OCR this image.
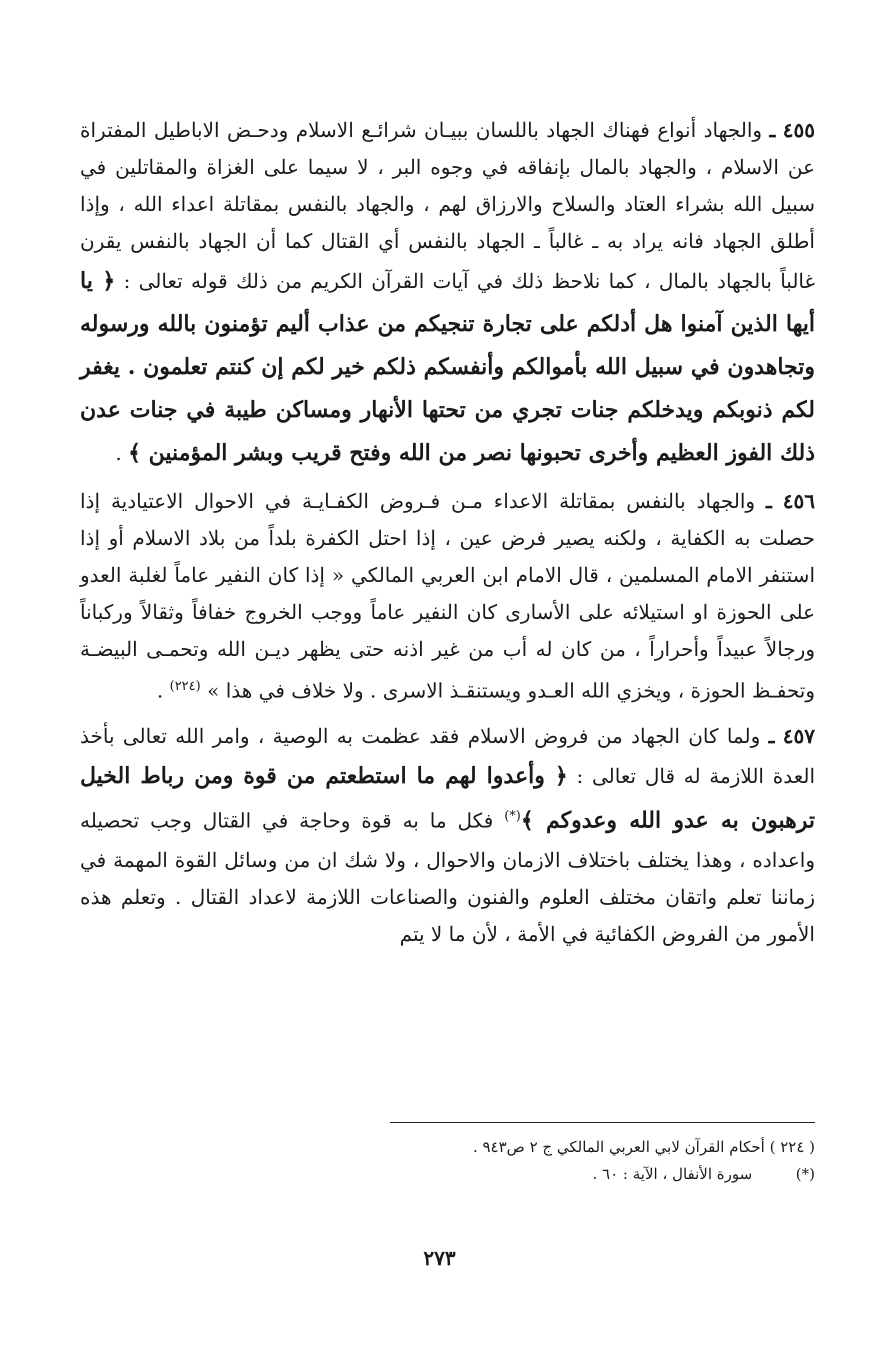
٤٥٥ ـ والجهاد أنواع فهناك الجهاد باللسان ببيـان شرائـع الاسلام ودحـض الاباطيل المفتراة عن الاسلام ، والجهاد بالمال بإنفاقه في وجوه البر ، لا سيما على الغزاة والمقاتلين في سبيل الله بشراء العتاد والسلاح والارزاق لهم ، والجهاد بالنفس بمقاتلة اعداء الله ، وإذا أطلق الجهاد فانه يراد به ـ غالباً ـ الجهاد بالنفس أي القتال كما أن الجهاد بالنفس يقرن غالباً بالجهاد بالمال ، كما نلاحظ ذلك في آيات القرآن الكريم من ذلك قوله تعالى : ﴿ يا أيها الذين آمنوا هل أدلكم على تجارة تنجيكم من عذاب أليم تؤمنون بالله ورسوله وتجاهدون في سبيل الله بأموالكم وأنفسكم ذلكم خير لكم إن كنتم تعلمون . يغفر لكم ذنوبكم ويدخلكم جنات تجري من تحتها الأنهار ومساكن طيبة في جنات عدن ذلك الفوز العظيم وأخرى تحبونها نصر من الله وفتح قريب وبشر المؤمنين ﴾ .

٤٥٦ ـ والجهاد بالنفس بمقاتلة الاعداء مـن فـروض الكفـايـة في الاحوال الاعتيادية إذا حصلت به الكفاية ، ولكنه يصير فرض عين ، إذا احتل الكفرة بلداً من بلاد الاسلام أو إذا استنفر الامام المسلمين ، قال الامام ابن العربي المالكي « إذا كان النفير عاماً لغلبة العدو على الحوزة او استيلائه على الأسارى كان النفير عاماً ووجب الخروج خفافاً وثقالاً وركباناً ورجالاً عبيداً وأحراراً ، من كان له أب من غير اذنه حتى يظهر ديـن الله وتحمـى البيضـة وتحفـظ الحوزة ، ويخزي الله العـدو ويستنقـذ الاسرى . ولا خلاف في هذا » $^{(٢٢٤)}$ .

٤٥٧ ـ ولما كان الجهاد من فروض الاسلام فقد عظمت به الوصية ، وامر الله تعالى بأخذ العدة اللازمة له قال تعالى : ﴿ وأعدوا لهم ما استطعتم من قوة ومن رباط الخيل ترهبون به عدو الله وعدوكم ﴾(*) فكل ما به قوة وحاجة في القتال وجب تحصيله واعداده ، وهذا يختلف باختلاف الازمان والاحوال ، ولا شك ان من وسائل القوة المهمة في زماننا تعلم واتقان مختلف العلوم والفنون والصناعات اللازمة لاعداد القتال . وتعلم هذه الأمور من الفروض الكفائية في الأمة ، لأن ما لا يتم

( ٢٢٤ ) أحكام القرآن لابي العربي المالكي ج ٢ ص٩٤٣ .
(*) سورة الأنفال ، الآية : ٦٠ .
٢٧٣
